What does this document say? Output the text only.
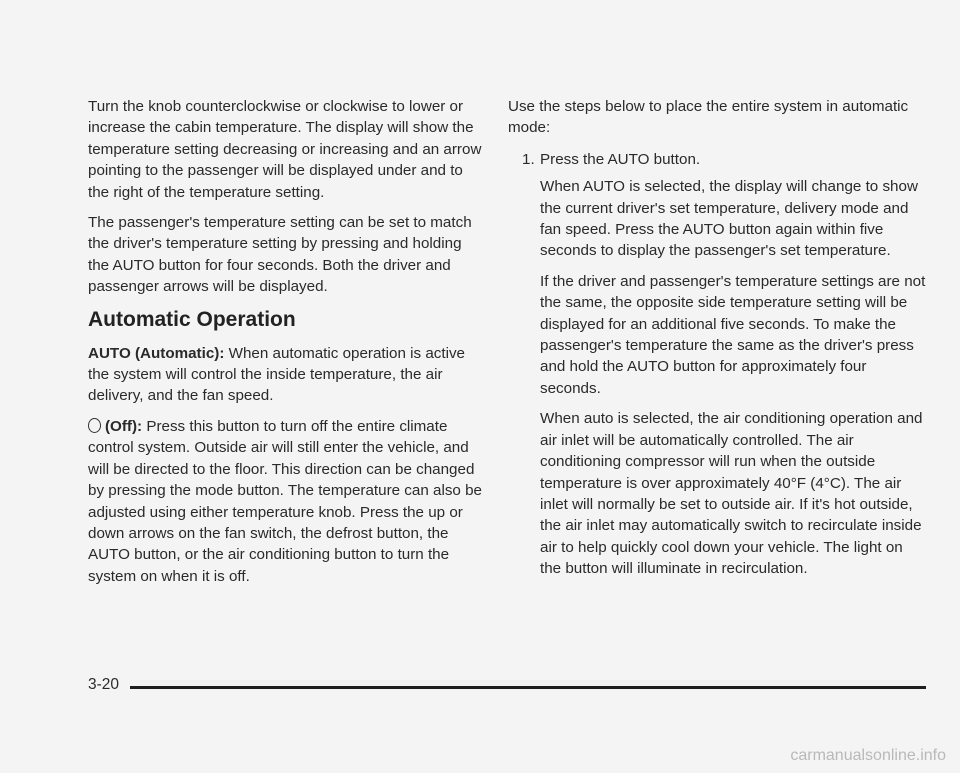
Turn the knob counterclockwise or clockwise to lower or increase the cabin temperature. The display will show the temperature setting decreasing or increasing and an arrow pointing to the passenger will be displayed under and to the right of the temperature setting.

The passenger's temperature setting can be set to match the driver's temperature setting by pressing and holding the AUTO button for four seconds. Both the driver and passenger arrows will be displayed.

Automatic Operation

AUTO (Automatic): When automatic operation is active the system will control the inside temperature, the air delivery, and the fan speed.

(Off): Press this button to turn off the entire climate control system. Outside air will still enter the vehicle, and will be directed to the floor. This direction can be changed by pressing the mode button. The temperature can also be adjusted using either temperature knob. Press the up or down arrows on the fan switch, the defrost button, the AUTO button, or the air conditioning button to turn the system on when it is off.

Use the steps below to place the entire system in automatic mode:

1. Press the AUTO button.

When AUTO is selected, the display will change to show the current driver's set temperature, delivery mode and fan speed. Press the AUTO button again within five seconds to display the passenger's set temperature.

If the driver and passenger's temperature settings are not the same, the opposite side temperature setting will be displayed for an additional five seconds. To make the passenger's temperature the same as the driver's press and hold the AUTO button for approximately four seconds.

When auto is selected, the air conditioning operation and air inlet will be automatically controlled. The air conditioning compressor will run when the outside temperature is over approximately 40°F (4°C). The air inlet will normally be set to outside air. If it's hot outside, the air inlet may automatically switch to recirculate inside air to help quickly cool down your vehicle. The light on the button will illuminate in recirculation.

3-20
carmanualsonline.info
